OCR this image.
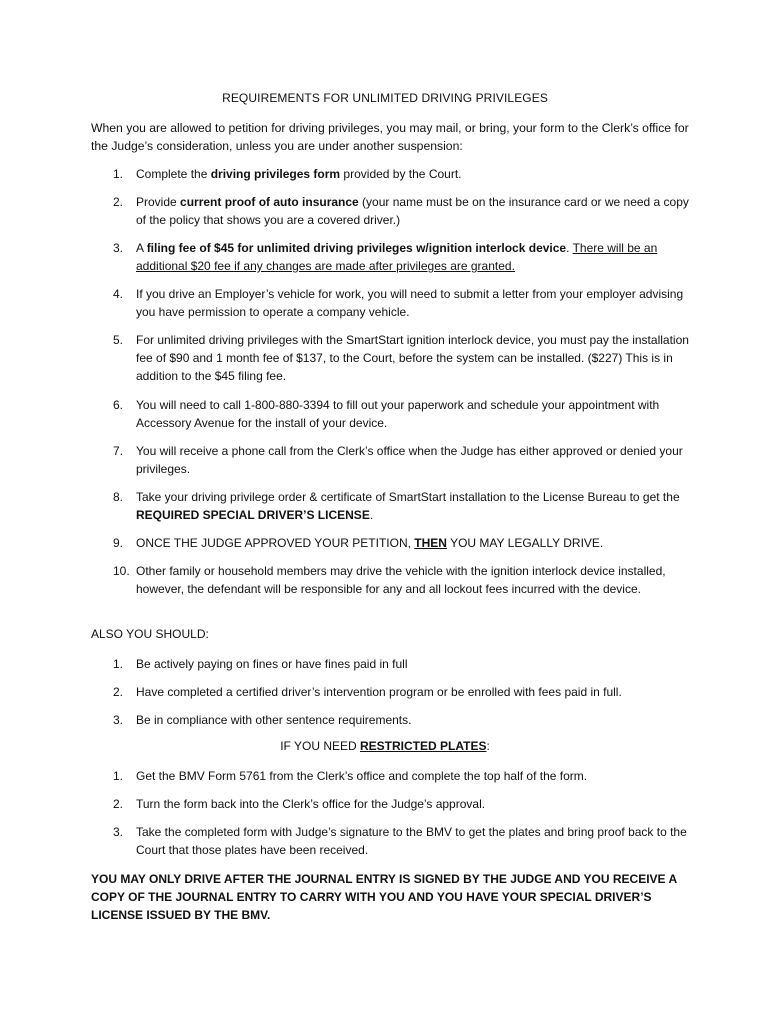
REQUIREMENTS FOR UNLIMITED DRIVING PRIVILEGES
When you are allowed to petition for driving privileges, you may mail, or bring, your form to the Clerk’s office for the Judge’s consideration, unless you are under another suspension:
1. Complete the driving privileges form provided by the Court.
2. Provide current proof of auto insurance (your name must be on the insurance card or we need a copy of the policy that shows you are a covered driver.)
3. A filing fee of $45 for unlimited driving privileges w/ignition interlock device. There will be an additional $20 fee if any changes are made after privileges are granted.
4. If you drive an Employer’s vehicle for work, you will need to submit a letter from your employer advising you have permission to operate a company vehicle.
5. For unlimited driving privileges with the SmartStart ignition interlock device, you must pay the installation fee of $90 and 1 month fee of $137, to the Court, before the system can be installed. ($227) This is in addition to the $45 filing fee.
6. You will need to call 1-800-880-3394 to fill out your paperwork and schedule your appointment with Accessory Avenue for the install of your device.
7. You will receive a phone call from the Clerk’s office when the Judge has either approved or denied your privileges.
8. Take your driving privilege order & certificate of SmartStart installation to the License Bureau to get the REQUIRED SPECIAL DRIVER’S LICENSE.
9. ONCE THE JUDGE APPROVED YOUR PETITION, THEN YOU MAY LEGALLY DRIVE.
10. Other family or household members may drive the vehicle with the ignition interlock device installed, however, the defendant will be responsible for any and all lockout fees incurred with the device.
ALSO YOU SHOULD:
1. Be actively paying on fines or have fines paid in full
2. Have completed a certified driver’s intervention program or be enrolled with fees paid in full.
3. Be in compliance with other sentence requirements.
IF YOU NEED RESTRICTED PLATES:
1. Get the BMV Form 5761 from the Clerk’s office and complete the top half of the form.
2. Turn the form back into the Clerk’s office for the Judge’s approval.
3. Take the completed form with Judge’s signature to the BMV to get the plates and bring proof back to the Court that those plates have been received.
YOU MAY ONLY DRIVE AFTER THE JOURNAL ENTRY IS SIGNED BY THE JUDGE AND YOU RECEIVE A COPY OF THE JOURNAL ENTRY TO CARRY WITH YOU AND YOU HAVE YOUR SPECIAL DRIVER’S LICENSE ISSUED BY THE BMV.
